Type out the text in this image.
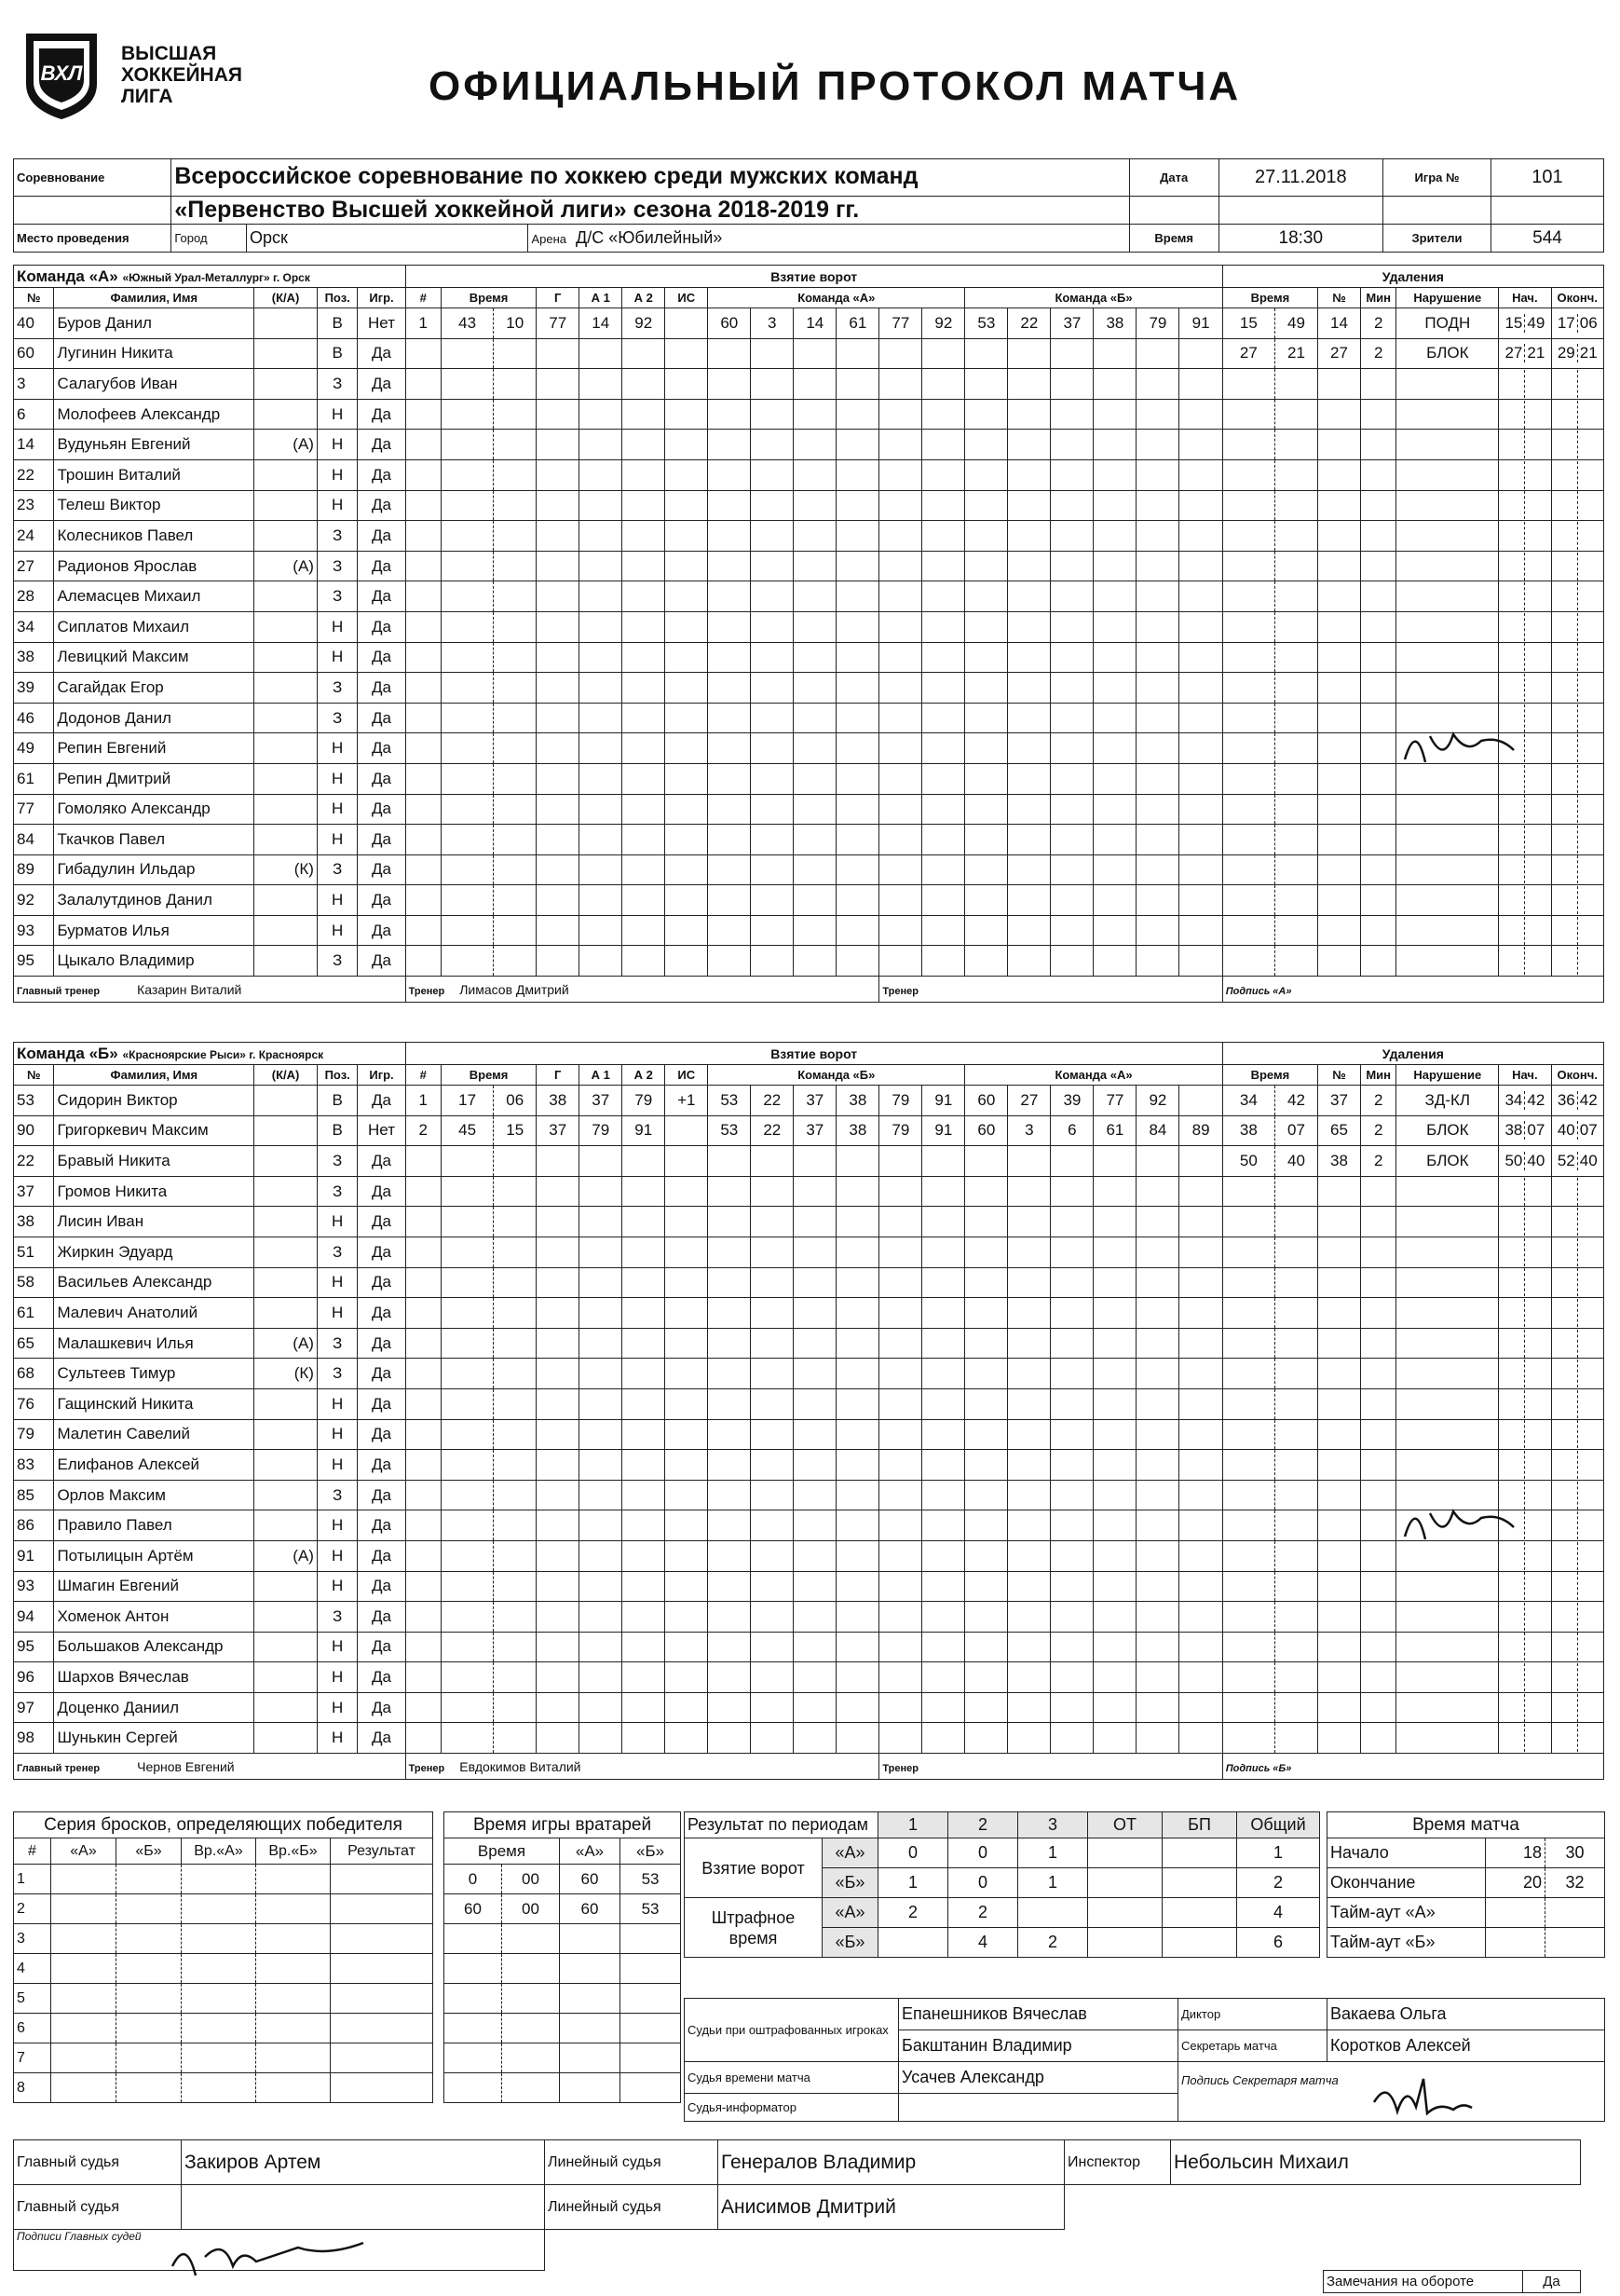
ВХЛ
ВЫСШАЯ
ХОККЕЙНАЯ
ЛИГА	ОФИЦИАЛЬНЫЙ ПРОТОКОЛ МАТЧА
Соревнование	Всероссийское соревнование по хоккею среди мужских команд			Дата	27.11.2018	Игра №	101
	«Первенство Высшей хоккейной лиги» сезона 2018-2019 гг.						
Место проведения	Город	Орск	Арена Д/С «Юбилейный»	Время	18:30	Зрители	544
Команда «А» «Южный Урал-Металлург» г. Орск					Взятие ворот																			Удаления						
№	Фамилия, Имя	(К/А)	Поз.	Игр.	#	Время		Г	А 1	А 2	ИС	Команда «А»						Команда «Б»						Время		№	Мин	Нарушение	Нач.	Оконч.
40	Буров Данил		В	Нет	1	43	10	77	14	92		60	3	14	61	77	92	53	22	37	38	79	91	15	49	14	2	ПОДН	15 49	17 06

60	Лугинин Никита		В	Да																				27	21	27	2	БЛОК	27 21	29 21

3	Салагубов Иван		З	Да																									

6	Молофеев Александр		Н	Да																									

14	Вудуньян Евгений	(А)	Н	Да																									

22	Трошин Виталий		Н	Да																									

23	Телеш Виктор		Н	Да																									

24	Колесников Павел		З	Да																									

27	Радионов Ярослав	(А)	З	Да																									

28	Алемасцев Михаил		З	Да																									

34	Сиплатов Михаил		Н	Да																									

38	Левицкий Максим		Н	Да																									

39	Сагайдак Егор		З	Да																									

46	Додонов Данил		З	Да																									

49	Репин Евгений		Н	Да																									

61	Репин Дмитрий		Н	Да																									

77	Гомоляко Александр		Н	Да																									

84	Ткачков Павел		Н	Да																									

89	Гибадулин Ильдар	(К)	З	Да																									

92	Залалутдинов Данил		Н	Да																									

93	Бурматов Илья		Н	Да																									

95	Цыкало Владимир		З	Да																									

Главный тренер Казарин Виталий					Тренер Лимасов Дмитрий											Тренер								Подпись «А»						
Команда «Б» «Красноярские Рыси» г. Красноярск					Взятие ворот																			Удаления						
№	Фамилия, Имя	(К/А)	Поз.	Игр.	#	Время		Г	А 1	А 2	ИС	Команда «Б»						Команда «А»						Время		№	Мин	Нарушение	Нач.	Оконч.
53	Сидорин Виктор		В	Да	1	17	06	38	37	79	+1	53	22	37	38	79	91	60	27	39	77	92		34	42	37	2	ЗД-КЛ	34 42	36 42

90	Григоркевич Максим		В	Нет	2	45	15	37	79	91		53	22	37	38	79	91	60	3	6	61	84	89	38	07	65	2	БЛОК	38 07	40 07

22	Бравый Никита		З	Да																				50	40	38	2	БЛОК	50 40	52 40

37	Громов Никита		З	Да																									

38	Лисин Иван		Н	Да																									

51	Жиркин Эдуард		З	Да																									

58	Васильев Александр		Н	Да																									

61	Малевич Анатолий		Н	Да																									

65	Малашкевич Илья	(А)	З	Да																									

68	Сультеев Тимур	(К)	З	Да																									

76	Гащинский Никита		Н	Да																									

79	Малетин Савелий		Н	Да																									

83	Елифанов Алексей		Н	Да																									

85	Орлов Максим		З	Да																									

86	Правило Павел		Н	Да																									

91	Потылицын Артём	(А)	Н	Да																									

93	Шмагин Евгений		Н	Да																									

94	Хоменок Антон		З	Да																									

95	Большаков Александр		Н	Да																									

96	Шархов Вячеслав		Н	Да																									

97	Доценко Даниил		Н	Да																									

98	Шунькин Сергей		Н	Да																									

Главный тренер Чернов Евгений					Тренер Евдокимов Виталий											Тренер								Подпись «Б»						
Серия бросков, определяющих победителя					
#	«А»	«Б»	Вр.«А»	Вр.«Б»	Результат
1					
2					
3					
4					
5					
6					
7					
8					
Время игры вратарей			
Время		«А»	«Б»
0	00	60	53
60	00	60	53

Результат по периодам		1	2	3	ОТ	БП	Общий
Взятие ворот	«А»	0	0	1			1
	«Б»	1	0	1			2
Штрафное время	«А»	2	2				4
	«Б»		4	2			6
Время матча		
Начало	18	30
Окончание	20	32
Тайм-аут «А»		
Тайм-аут «Б»		
Судьи при оштрафованных игроках	Епанешников Вячеслав	Диктор	Вакаева Ольга
	Бакштанин Владимир	Секретарь матча	Коротков Алексей
Судья времени матча	Усачев Александр	Подпись Секретаря матча	
Судья-информатор			
Главный судья	Закиров Артем	Линейный судья	Генералов Владимир	Инспектор	Небольсин Михаил
Главный судья		Линейный судья	Анисимов Дмитрий		
Подписи Главных судей					
Замечания на обороте	Да
